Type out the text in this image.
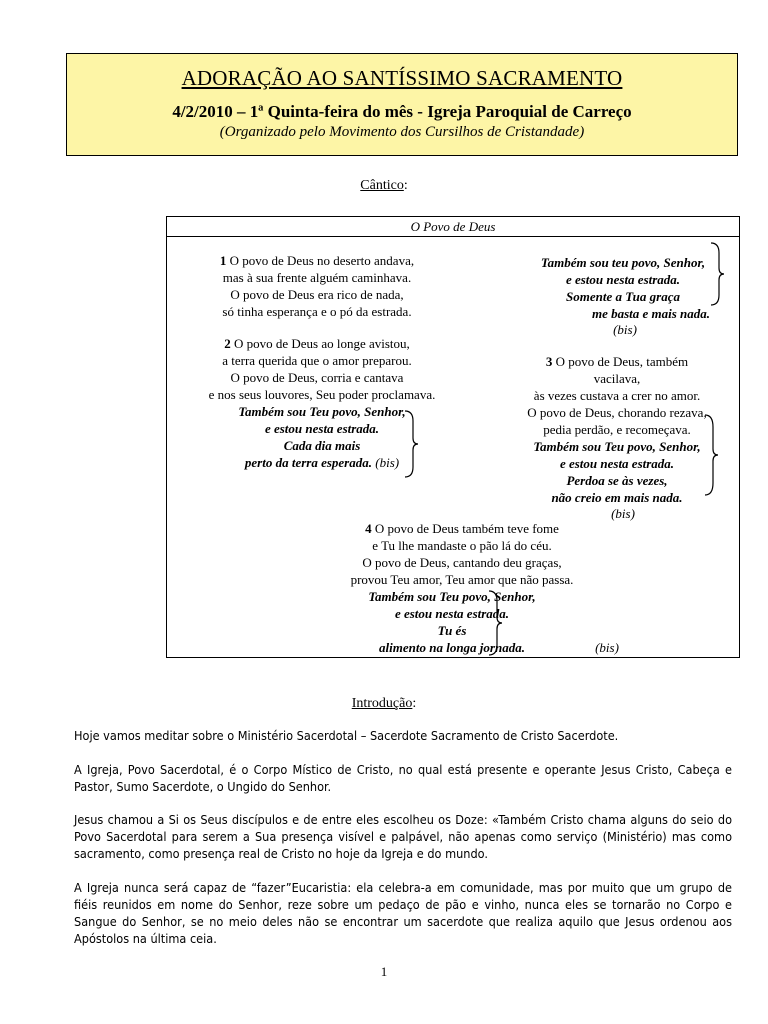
ADORAÇÃO AO SANTÍSSIMO SACRAMENTO
4/2/2010 – 1ª Quinta-feira do mês - Igreja Paroquial de Carreço
(Organizado pelo Movimento dos Cursilhos de Cristandade)
Cântico:
O Povo de Deus
1 O povo de Deus no deserto andava,
mas à sua frente alguém caminhava.
O povo de Deus era rico de nada,
só tinha esperança e o pó da estrada.
Também sou teu povo, Senhor,
e estou nesta estrada.
Somente a Tua graça
me basta e mais nada.
(bis)
2 O povo de Deus ao longe avistou,
a terra querida que o amor preparou.
O povo de Deus, corria e cantava
e nos seus louvores, Seu poder proclamava.
Também sou Teu povo, Senhor,
e estou nesta estrada.
Cada dia mais
perto da terra esperada. (bis)
3 O povo de Deus, também
vacilava,
às vezes custava a crer no amor.
O povo de Deus, chorando rezava,
pedia perdão, e recomeçava.
Também sou Teu povo, Senhor,
e estou nesta estrada.
Perdoa se às vezes,
não creio em mais nada.
(bis)
4 O povo de Deus também teve fome
e Tu lhe mandaste o pão lá do céu.
O povo de Deus, cantando deu graças,
provou Teu amor, Teu amor que não passa.
Também sou Teu povo, Senhor,
e estou nesta estrada.
Tu és
alimento na longa jornada.	(bis)
Introdução:
Hoje vamos meditar sobre o Ministério Sacerdotal – Sacerdote Sacramento de Cristo Sacerdote.
A Igreja, Povo Sacerdotal, é o Corpo Místico de Cristo, no qual está presente e operante Jesus Cristo, Cabeça e Pastor, Sumo Sacerdote, o Ungido do Senhor.
Jesus chamou a Si os Seus discípulos e de entre eles escolheu os Doze: «Também Cristo chama alguns do seio do Povo Sacerdotal para serem a Sua presença visível e palpável, não apenas como serviço (Ministério) mas como sacramento, como presença real de Cristo no hoje da Igreja e do mundo.
A Igreja nunca será capaz de “fazer”Eucaristia: ela celebra-a em comunidade, mas por muito que um grupo de fiéis reunidos em nome do Senhor, reze sobre um pedaço de pão e vinho, nunca eles se tornarão no Corpo e Sangue do Senhor, se no meio deles não se encontrar um sacerdote que realiza aquilo que Jesus ordenou aos Apóstolos na última ceia.
1
